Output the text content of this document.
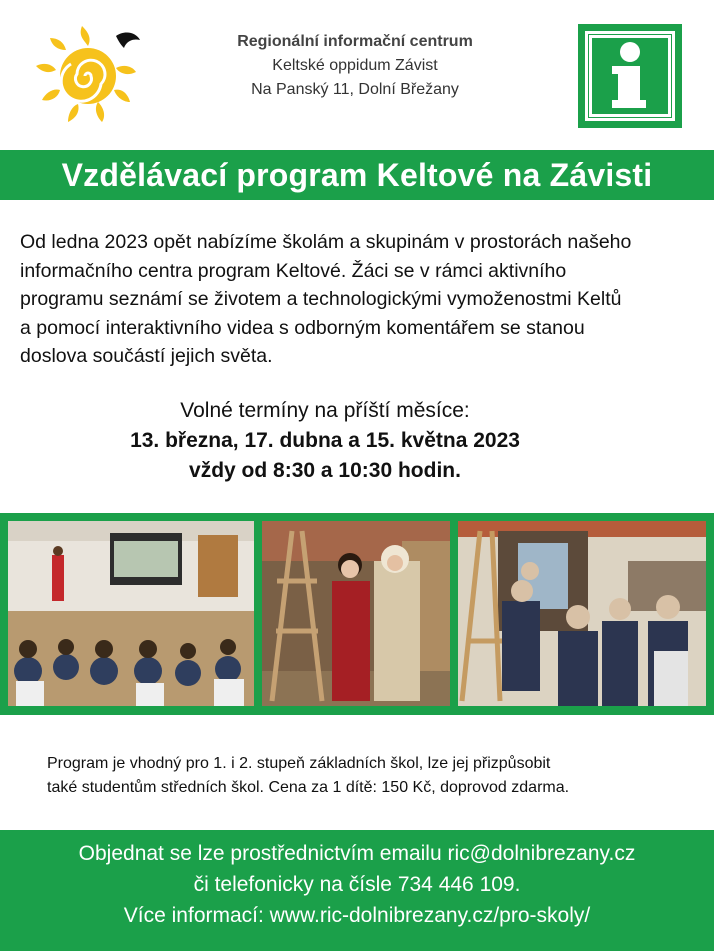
Regionální informační centrum
Keltské oppidum Závist
Na Panský 11, Dolní Břežany
Vzdělávací program Keltové na Závisti
Od ledna 2023 opět nabízíme školám a skupinám v prostorách našeho
informačního centra program Keltové. Žáci se v rámci aktivního
programu seznámí se životem a technologickými vymoženostmi Keltů
a pomocí interaktivního videa s odborným komentářem se stanou
doslova součástí jejich světa.
Volné termíny na příští měsíce:
13. března, 17. dubna a 15. května 2023
vždy od 8:30 a 10:30 hodin.
Program je vhodný pro 1. i 2. stupeň základních škol, lze jej přizpůsobit
také studentům středních škol. Cena za 1 dítě: 150 Kč, doprovod zdarma.
Objednat se lze prostřednictvím emailu ric@dolnibrezany.cz
či telefonicky na čísle 734 446 109.
Více informací: www.ric-dolnibrezany.cz/pro-skoly/
